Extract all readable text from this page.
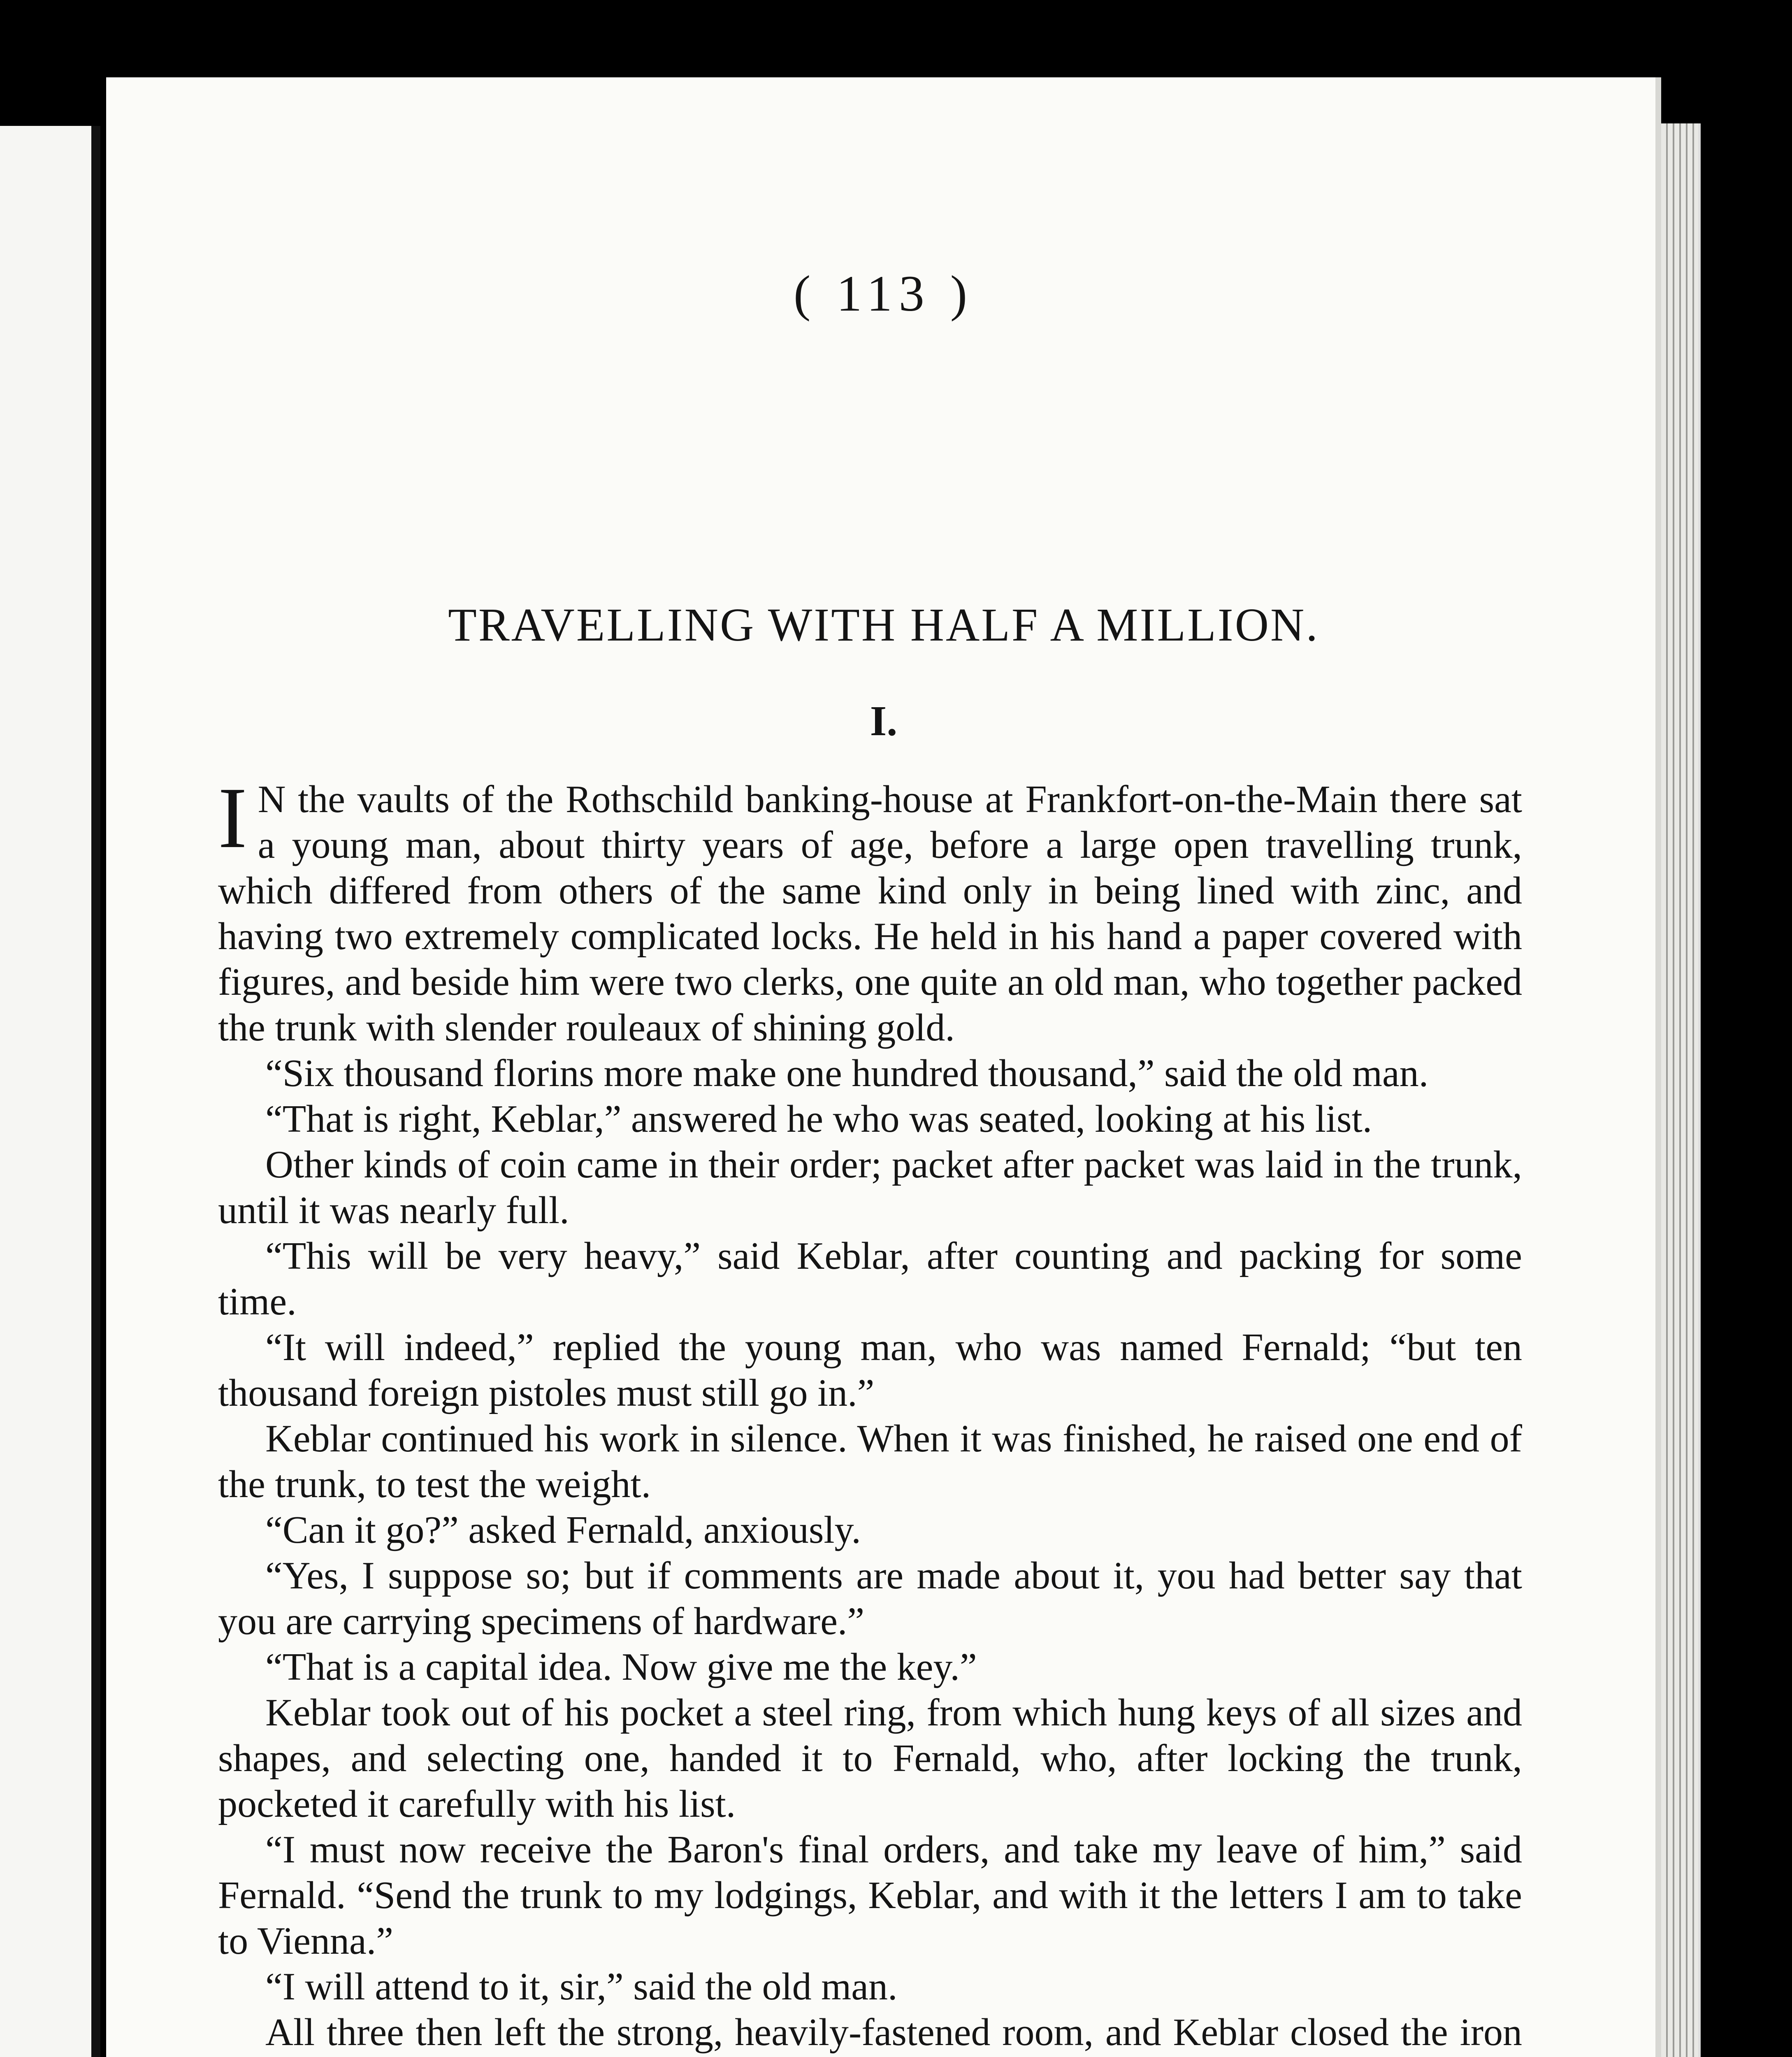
( 113 )
TRAVELLING WITH HALF A MILLION.
I.

I N the vaults of the Rothschild banking-house at Frankfort-on-the-Main there sat a young man, about thirty years of age, before a large open travelling trunk, which differed from others of the same kind only in being lined with zinc, and having two extremely complicated locks. He held in his hand a paper covered with figures, and beside him were two clerks, one quite an old man, who together packed the trunk with slender rouleaux of shining gold.

“Six thousand florins more make one hundred thousand,” said the old man.

“That is right, Keblar,” answered he who was seated, looking at his list.

Other kinds of coin came in their order; packet after packet was laid in the trunk, until it was nearly full.

“This will be very heavy,” said Keblar, after counting and packing for some time.

“It will indeed,” replied the young man, who was named Fernald; “but ten thousand foreign pistoles must still go in.”

Keblar continued his work in silence. When it was finished, he raised one end of the trunk, to test the weight.

“Can it go?” asked Fernald, anxiously.

“Yes, I suppose so; but if comments are made about it, you had better say that you are carrying specimens of hardware.”

“That is a capital idea. Now give me the key.”

Keblar took out of his pocket a steel ring, from which hung keys of all sizes and shapes, and selecting one, handed it to Fernald, who, after locking the trunk, pocketed it carefully with his list.

“I must now receive the Baron's final orders, and take my leave of him,” said Fernald. “Send the trunk to my lodgings, Keblar, and with it the letters I am to take to Vienna.”

“I will attend to it, sir,” said the old man.

All three then left the strong, heavily-fastened room, and Keblar closed the iron
